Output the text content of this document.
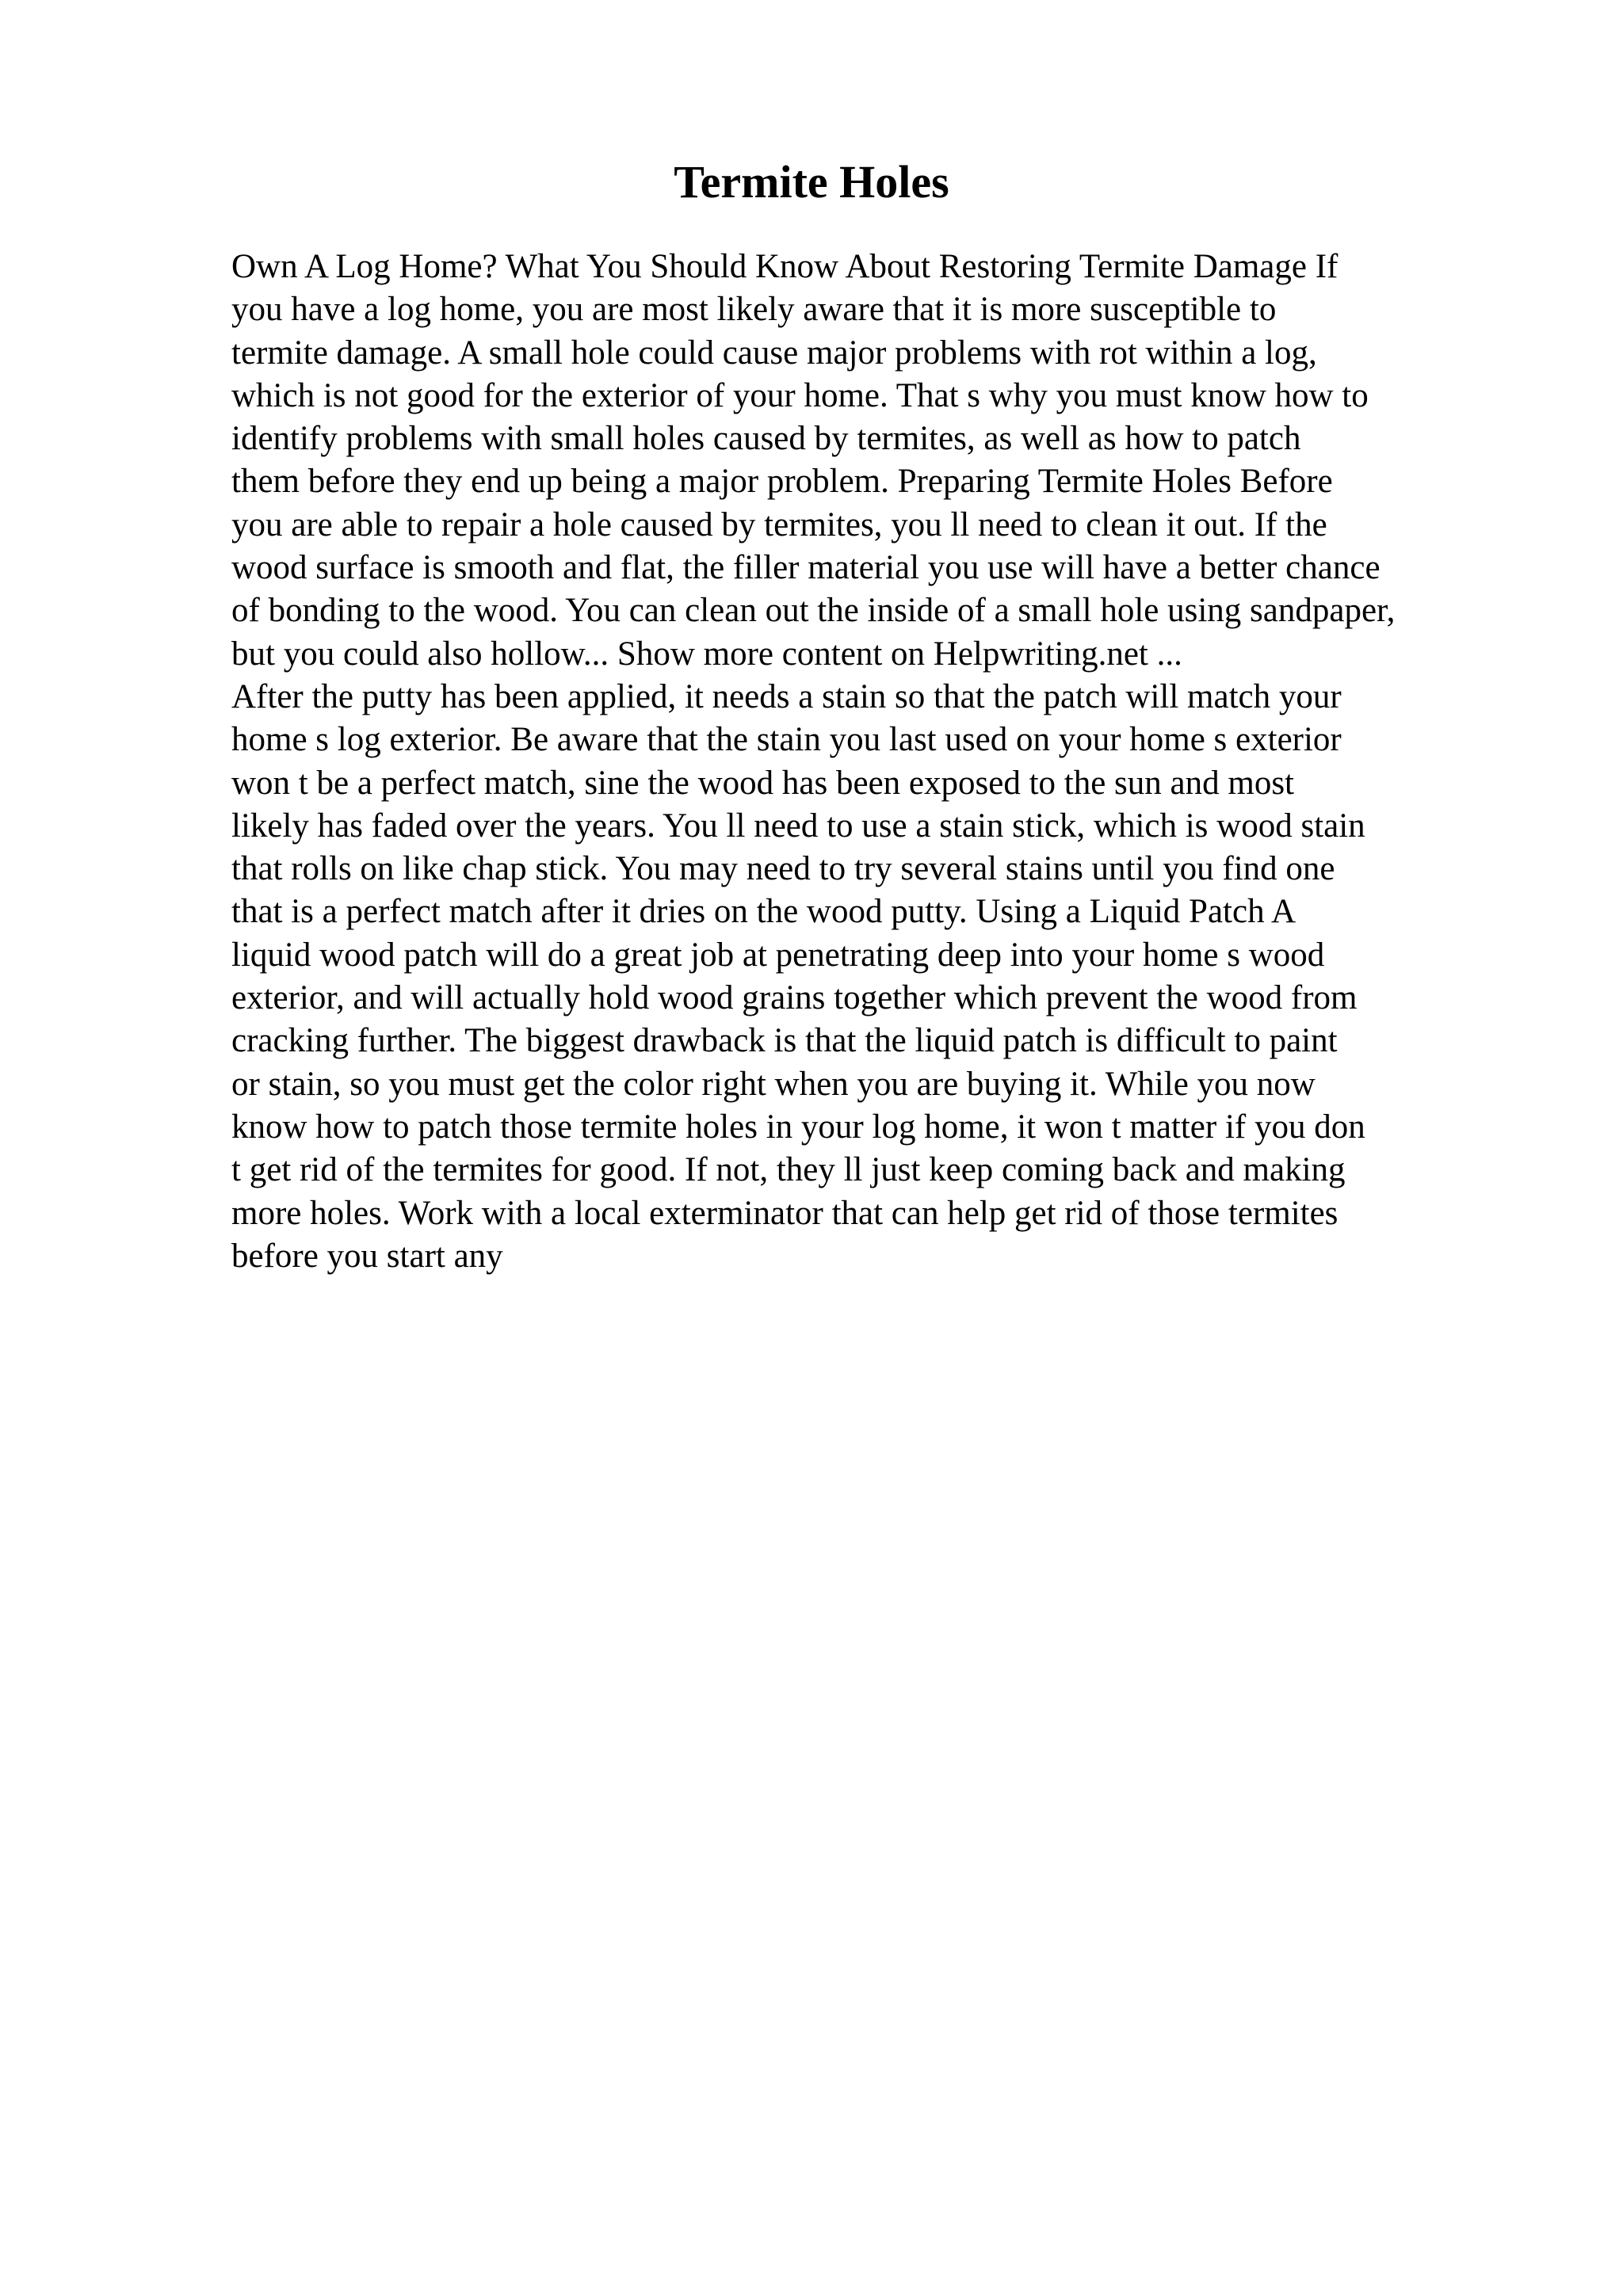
Termite Holes
Own A Log Home? What You Should Know About Restoring Termite Damage If
you have a log home, you are most likely aware that it is more susceptible to
termite damage. A small hole could cause major problems with rot within a log,
which is not good for the exterior of your home. That s why you must know how to
identify problems with small holes caused by termites, as well as how to patch
them before they end up being a major problem. Preparing Termite Holes Before
you are able to repair a hole caused by termites, you ll need to clean it out. If the
wood surface is smooth and flat, the filler material you use will have a better chance
of bonding to the wood. You can clean out the inside of a small hole using sandpaper,
but you could also hollow... Show more content on Helpwriting.net ...
After the putty has been applied, it needs a stain so that the patch will match your
home s log exterior. Be aware that the stain you last used on your home s exterior
won t be a perfect match, sine the wood has been exposed to the sun and most
likely has faded over the years. You ll need to use a stain stick, which is wood stain
that rolls on like chap stick. You may need to try several stains until you find one
that is a perfect match after it dries on the wood putty. Using a Liquid Patch A
liquid wood patch will do a great job at penetrating deep into your home s wood
exterior, and will actually hold wood grains together which prevent the wood from
cracking further. The biggest drawback is that the liquid patch is difficult to paint
or stain, so you must get the color right when you are buying it. While you now
know how to patch those termite holes in your log home, it won t matter if you don
t get rid of the termites for good. If not, they ll just keep coming back and making
more holes. Work with a local exterminator that can help get rid of those termites
before you start any
